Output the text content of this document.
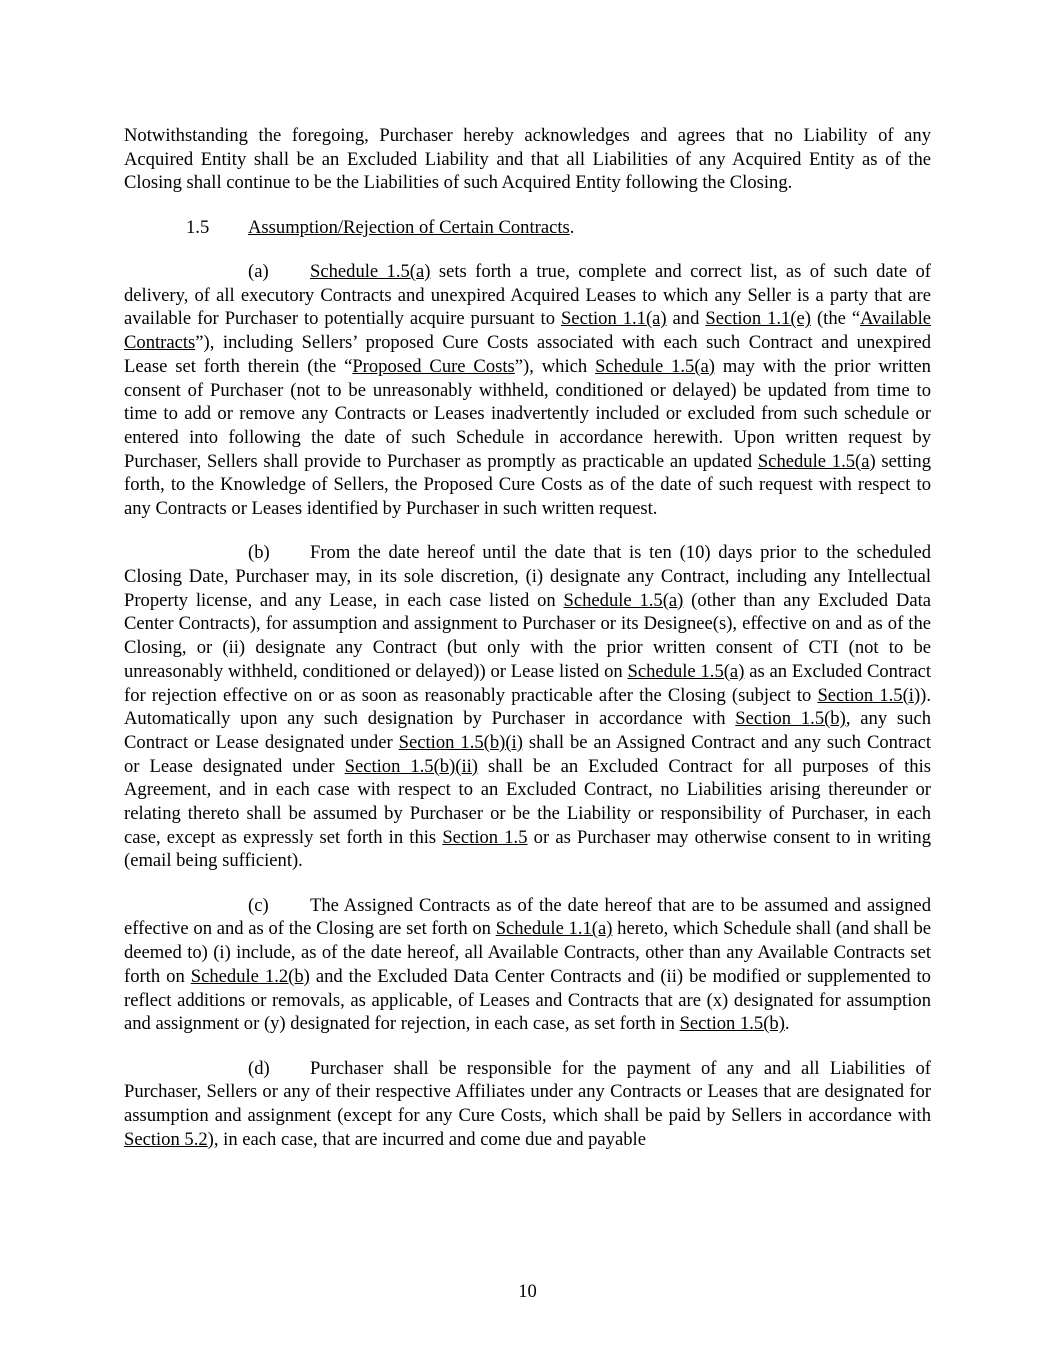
Notwithstanding the foregoing, Purchaser hereby acknowledges and agrees that no Liability of any Acquired Entity shall be an Excluded Liability and that all Liabilities of any Acquired Entity as of the Closing shall continue to be the Liabilities of such Acquired Entity following the Closing.

1.5 Assumption/Rejection of Certain Contracts.

(a) Schedule 1.5(a) sets forth a true, complete and correct list, as of such date of delivery, of all executory Contracts and unexpired Acquired Leases to which any Seller is a party that are available for Purchaser to potentially acquire pursuant to Section 1.1(a) and Section 1.1(e) (the “Available Contracts”), including Sellers’ proposed Cure Costs associated with each such Contract and unexpired Lease set forth therein (the “Proposed Cure Costs”), which Schedule 1.5(a) may with the prior written consent of Purchaser (not to be unreasonably withheld, conditioned or delayed) be updated from time to time to add or remove any Contracts or Leases inadvertently included or excluded from such schedule or entered into following the date of such Schedule in accordance herewith. Upon written request by Purchaser, Sellers shall provide to Purchaser as promptly as practicable an updated Schedule 1.5(a) setting forth, to the Knowledge of Sellers, the Proposed Cure Costs as of the date of such request with respect to any Contracts or Leases identified by Purchaser in such written request.

(b) From the date hereof until the date that is ten (10) days prior to the scheduled Closing Date, Purchaser may, in its sole discretion, (i) designate any Contract, including any Intellectual Property license, and any Lease, in each case listed on Schedule 1.5(a) (other than any Excluded Data Center Contracts), for assumption and assignment to Purchaser or its Designee(s), effective on and as of the Closing, or (ii) designate any Contract (but only with the prior written consent of CTI (not to be unreasonably withheld, conditioned or delayed)) or Lease listed on Schedule 1.5(a) as an Excluded Contract for rejection effective on or as soon as reasonably practicable after the Closing (subject to Section 1.5(i)). Automatically upon any such designation by Purchaser in accordance with Section 1.5(b), any such Contract or Lease designated under Section 1.5(b)(i) shall be an Assigned Contract and any such Contract or Lease designated under Section 1.5(b)(ii) shall be an Excluded Contract for all purposes of this Agreement, and in each case with respect to an Excluded Contract, no Liabilities arising thereunder or relating thereto shall be assumed by Purchaser or be the Liability or responsibility of Purchaser, in each case, except as expressly set forth in this Section 1.5 or as Purchaser may otherwise consent to in writing (email being sufficient).

(c) The Assigned Contracts as of the date hereof that are to be assumed and assigned effective on and as of the Closing are set forth on Schedule 1.1(a) hereto, which Schedule shall (and shall be deemed to) (i) include, as of the date hereof, all Available Contracts, other than any Available Contracts set forth on Schedule 1.2(b) and the Excluded Data Center Contracts and (ii) be modified or supplemented to reflect additions or removals, as applicable, of Leases and Contracts that are (x) designated for assumption and assignment or (y) designated for rejection, in each case, as set forth in Section 1.5(b).

(d) Purchaser shall be responsible for the payment of any and all Liabilities of Purchaser, Sellers or any of their respective Affiliates under any Contracts or Leases that are designated for assumption and assignment (except for any Cure Costs, which shall be paid by Sellers in accordance with Section 5.2), in each case, that are incurred and come due and payable

10
